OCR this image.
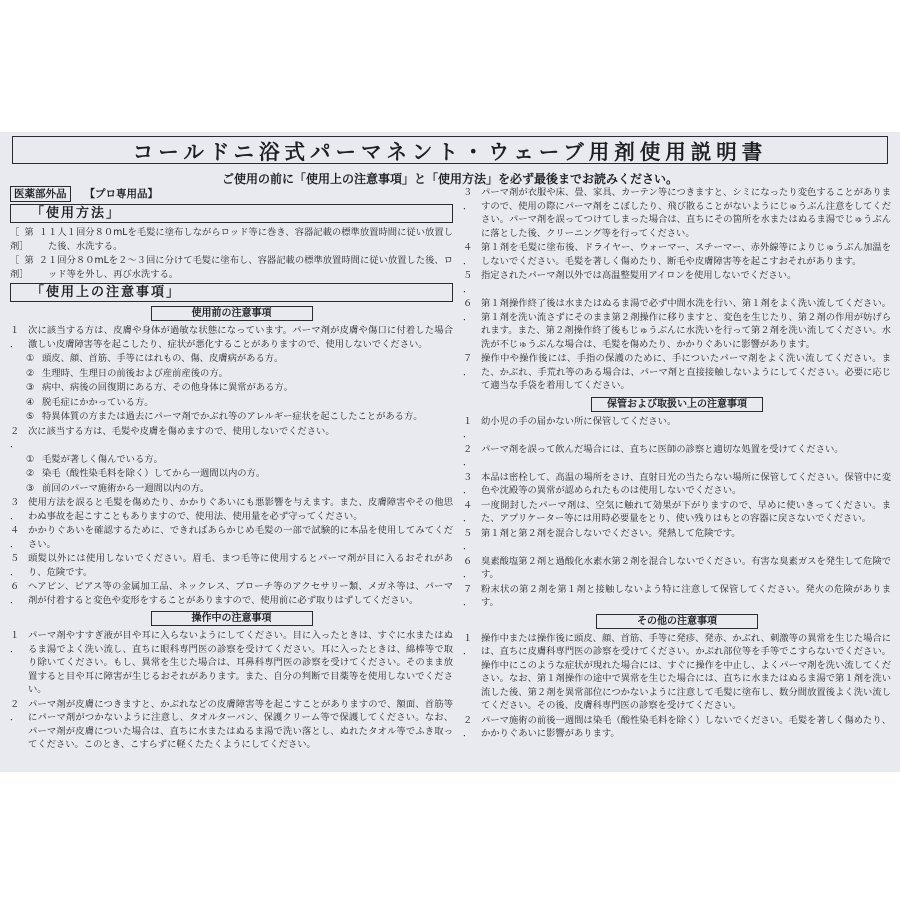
コールドニ浴式パーマネント・ウェーブ用剤使用説明書
ご使用の前に「使用上の注意事項」と「使用方法」を必ず最後までお読みください。
医薬部外品	【プロ専用品】
「使用方法」
［第１剤］
１人１回分８０mLを毛髪に塗布しながらロッド等に巻き、容器記載の標準放置時間に従い放置した後、水洗する。
［第２剤］
１回分８０mLを２～３回に分けて毛髪に塗布し、容器記載の標準放置時間に従い放置した後、ロッド等を外し、再び水洗する。
「使用上の注意事項」
使用前の注意事項
１．
次に該当する方は、皮膚や身体が過敏な状態になっています。パーマ剤が皮膚や傷口に付着した場合激しい皮膚障害等を起こしたり、症状が悪化することがありますので、使用しないでください。
① 頭皮、顔、首筋、手等にはれもの、傷、皮膚病がある方。
② 生理時、生理日の前後および産前産後の方。
③ 病中、病後の回復期にある方、その他身体に異常がある方。
④ 脱毛症にかかっている方。
⑤ 特異体質の方または過去にパーマ剤でかぶれ等のアレルギー症状を起こしたことがある方。
２．
次に該当する方は、毛髪や皮膚を傷めますので、使用しないでください。
① 毛髪が著しく傷んでいる方。
② 染毛（酸性染毛料を除く）してから一週間以内の方。
③ 前回のパーマ施術から一週間以内の方。
３．
使用方法を誤ると毛髪を傷めたり、かかりぐあいにも悪影響を与えます。また、皮膚障害やその他思わぬ事故を起こすこともありますので、使用法、使用量を必ず守ってください。
４．
かかりぐあいを確認するために、できればあらかじめ毛髪の一部で試験的に本品を使用してみてください。
５．
頭髪以外には使用しないでください。眉毛、まつ毛等に使用するとパーマ剤が目に入るおそれがあり、危険です。
６．
ヘアピン、ピアス等の金属加工品、ネックレス、ブローチ等のアクセサリー類、メガネ等は、パーマ剤が付着すると変色や変形をすることがありますので、使用前に必ず取りはずしてください。
操作中の注意事項
１．
パーマ剤やすすぎ液が目や耳に入らないようにしてください。目に入ったときは、すぐに水またはぬるま湯でよく洗い流し、直ちに眼科専門医の診察を受けてください。耳に入ったときは、綿棒等で取り除いてください。もし、異常を生じた場合は、耳鼻科専門医の診察を受けてください。そのまま放置すると目や耳に障害が生じるおそれがあります。また、自分の判断で目薬等を使用しないでください。
２．
パーマ剤が皮膚につきますと、かぶれなどの皮膚障害等を起こすことがありますので、額面、首筋等にパーマ剤がつかないように注意し、タオルターバン、保護クリーム等で保護してください。なお、パーマ剤が皮膚についた場合は、直ちに水またはぬるま湯で洗い落とし、ぬれたタオル等でふき取ってください。このとき、こすらずに軽くたたくようにしてください。
３．
パーマ剤が衣服や床、畳、家具、カーテン等につきますと、シミになったり変色することがありますので、使用の際にパーマ剤をこぼしたり、飛び散ることがないようにじゅうぶん注意をしてください。パーマ剤を誤ってつけてしまった場合は、直ちにその箇所を水またはぬるま湯でじゅうぶんに落とした後、クリーニング等を行ってください。
４．
第１剤を毛髪に塗布後、ドライヤー、ウォーマー、スチーマー、赤外線等によりじゅうぶん加温をしないでください。毛髪を著しく傷めたり、断毛や皮膚障害等を起こすおそれがあります。
５．
指定されたパーマ剤以外では高温整髪用アイロンを使用しないでください。
６．
第１剤操作終了後は水またはぬるま湯で必ず中間水洗を行い、第１剤をよく洗い流してください。第１剤を洗い流さずにそのまま第２剤操作に移りますと、変色を生じたり、第２剤の作用が妨げられます。また、第２剤操作終了後もじゅうぶんに水洗いを行って第２剤を洗い流してください。水洗が不じゅうぶんな場合は、毛髪を傷めたり、かかりぐあいに影響があります。
７．
操作中や操作後には、手指の保護のために、手についたパーマ剤をよく洗い流してください。また、かぶれ、手荒れ等のある場合は、パーマ剤と直接接触しないようにしてください。必要に応じて適当な手袋を着用してください。
保管および取扱い上の注意事項
１．
幼小児の手の届かない所に保管してください。
２．
パーマ剤を誤って飲んだ場合には、直ちに医師の診察と適切な処置を受けてください。
３．
本品は密栓して、高温の場所をさけ、直射日光の当たらない場所に保管してください。保管中に変色や沈殿等の異常が認められたものは使用しないでください。
４．
一度開封したパーマ剤は、空気に触れて効果が下がりますので、早めに使いきってください。また、アプリケーター等には用時必要量をとり、使い残りはもとの容器に戻さないでください。
５．
第１剤と第２剤を混合しないでください。発熱して危険です。
６．
臭素酸塩第２剤と過酸化水素水第２剤を混合しないでください。有害な臭素ガスを発生して危険です。
７．
粉末状の第２剤を第１剤と接触しないよう特に注意して保管してください。発火の危険があります。
その他の注意事項
１．
操作中または操作後に頭皮、顔、首筋、手等に発疹、発赤、かぶれ、刺激等の異常を生じた場合には、直ちに皮膚科専門医の診察を受けてください。かぶれ部位等を手等でこすらないでください。操作中にこのような症状が現れた場合には、すぐに操作を中止し、よくパーマ剤を洗い流してください。なお、第１剤操作の途中で異常を生じた場合には、直ちに水またはぬるま湯で第１剤を洗い流した後、第２剤を異常部位につかないように注意して毛髪に塗布し、数分間放置後よく洗い流してください。その後、皮膚科専門医の診察を受けてください。
２．
パーマ施術の前後一週間は染毛（酸性染毛料を除く）しないでください。毛髪を著しく傷めたり、かかりぐあいに影響があります。
